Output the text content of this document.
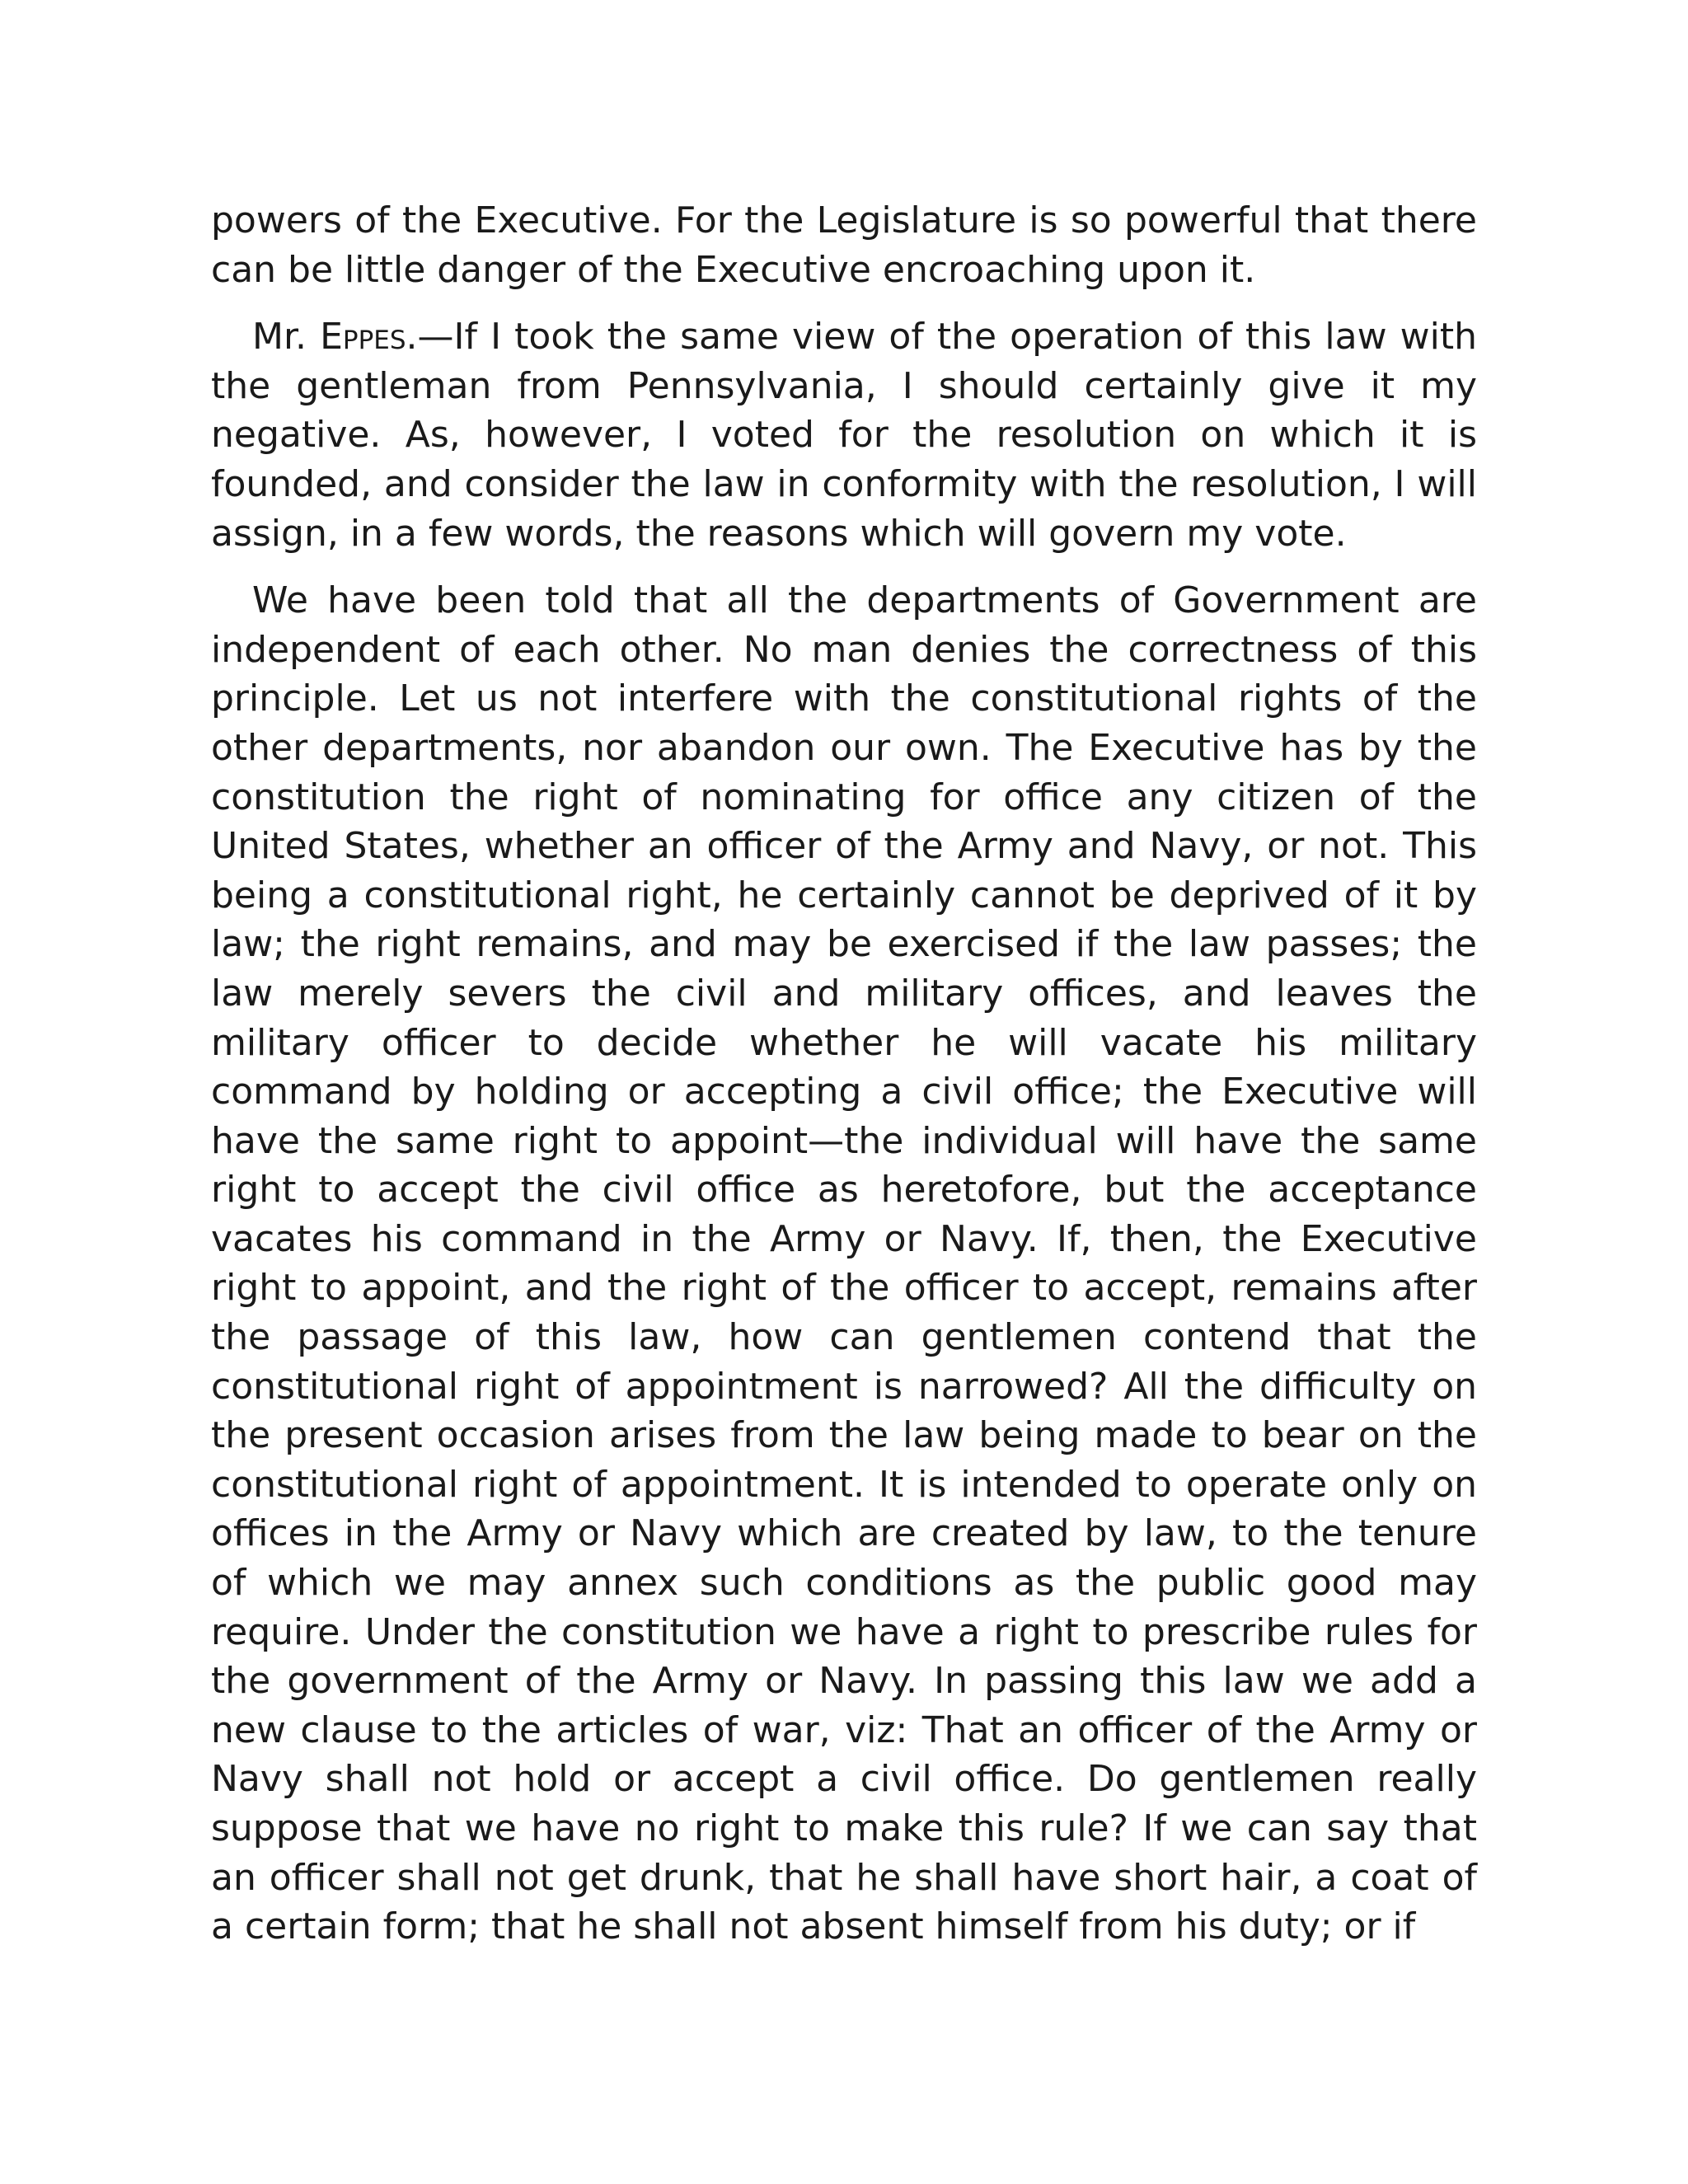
powers of the Executive. For the Legislature is so powerful that there can be little danger of the Executive encroaching upon it.

Mr. Eppes.—If I took the same view of the operation of this law with the gentleman from Pennsylvania, I should certainly give it my negative. As, however, I voted for the resolution on which it is founded, and consider the law in conformity with the resolution, I will assign, in a few words, the reasons which will govern my vote.

We have been told that all the departments of Government are independent of each other. No man denies the correctness of this principle. Let us not interfere with the constitutional rights of the other departments, nor abandon our own. The Executive has by the constitution the right of nominating for office any citizen of the United States, whether an officer of the Army and Navy, or not. This being a constitutional right, he certainly cannot be deprived of it by law; the right remains, and may be exercised if the law passes; the law merely severs the civil and military offices, and leaves the military officer to decide whether he will vacate his military command by holding or accepting a civil office; the Executive will have the same right to appoint—the individual will have the same right to accept the civil office as heretofore, but the acceptance vacates his command in the Army or Navy. If, then, the Executive right to appoint, and the right of the officer to accept, remains after the passage of this law, how can gentlemen contend that the constitutional right of appointment is narrowed? All the difficulty on the present occasion arises from the law being made to bear on the constitutional right of appointment. It is intended to operate only on offices in the Army or Navy which are created by law, to the tenure of which we may annex such conditions as the public good may require. Under the constitution we have a right to prescribe rules for the government of the Army or Navy. In passing this law we add a new clause to the articles of war, viz: That an officer of the Army or Navy shall not hold or accept a civil office. Do gentlemen really suppose that we have no right to make this rule? If we can say that an officer shall not get drunk, that he shall have short hair, a coat of a certain form; that he shall not absent himself from his duty; or if
